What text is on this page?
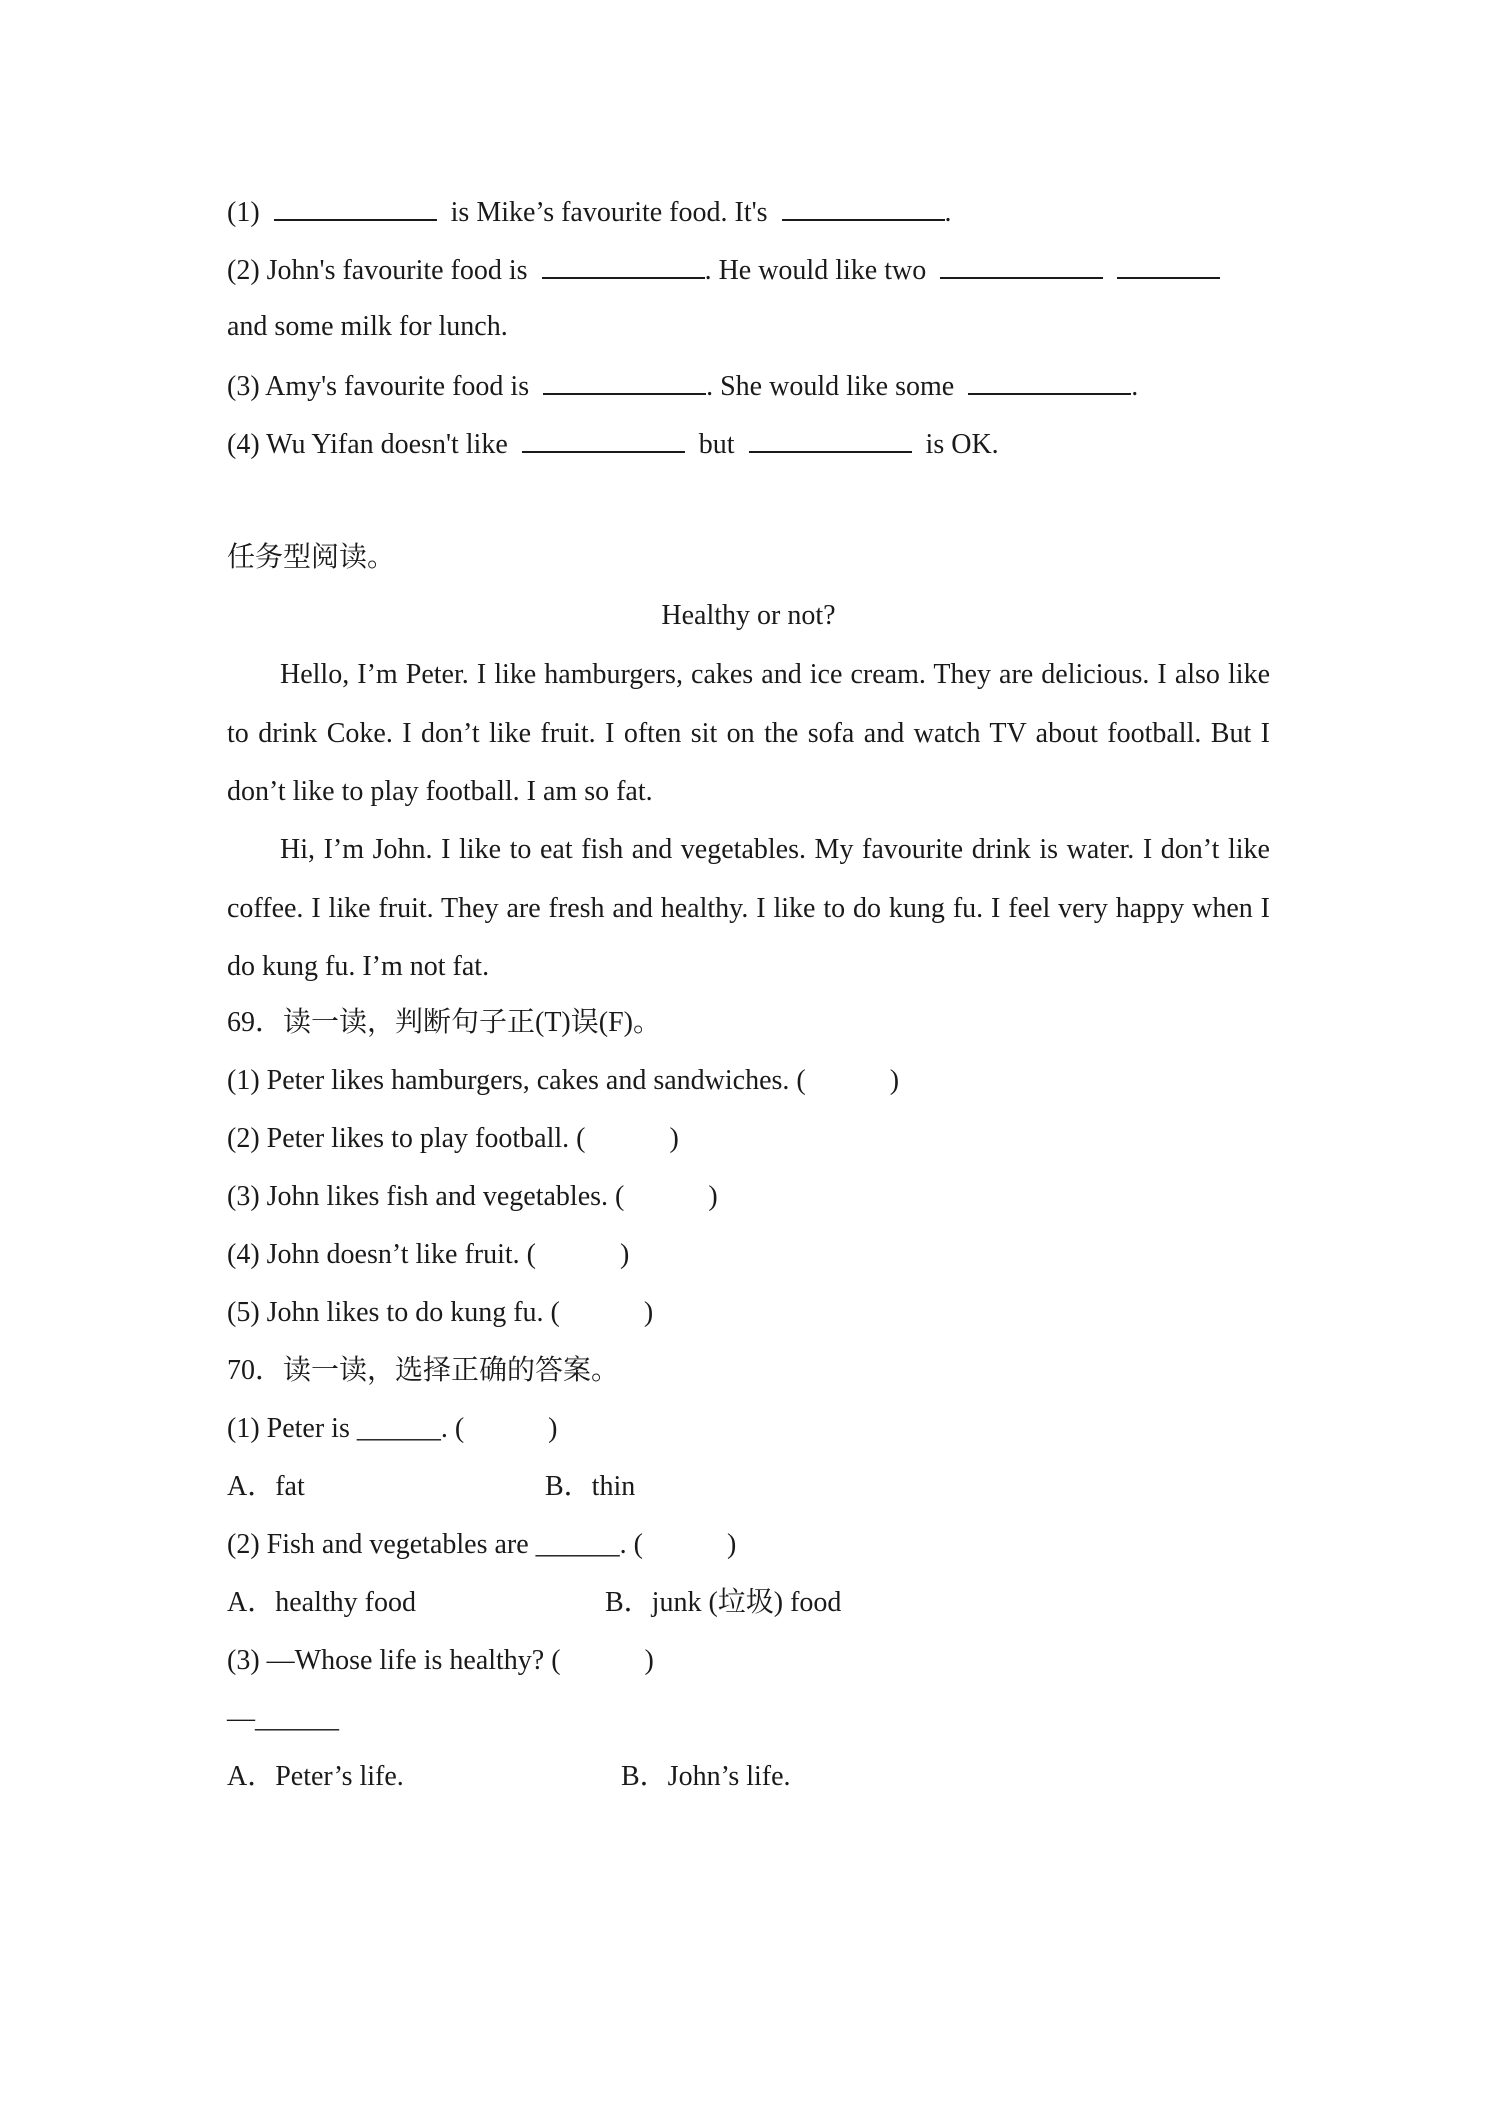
(1)	is Mike’s favourite food. It's	.
(2) John's favourite food is	. He would like two
and some milk for lunch.
(3) Amy's favourite food is	. She would like some	.
(4) Wu Yifan doesn't like	but	is OK.
任务型阅读。
Healthy or not?
Hello, I’m Peter. I like hamburgers, cakes and ice cream. They are delicious. I also like to drink Coke. I don’t like fruit. I often sit on the sofa and watch TV about football. But I don’t like to play football. I am so fat.
Hi, I’m John. I like to eat fish and vegetables. My favourite drink is water. I don’t like coffee. I like fruit. They are fresh and healthy. I like to do kung fu. I feel very happy when I do kung fu. I’m not fat.
69．读一读，判断句子正(T)误(F)。
(1) Peter likes hamburgers, cakes and sandwiches. (            )
(2) Peter likes to play football. (            )
(3) John likes fish and vegetables. (            )
(4) John doesn’t like fruit. (            )
(5) John likes to do kung fu. (            )
70．读一读，选择正确的答案。
(1) Peter is ______. (            )
A．fat	B．thin
(2) Fish and vegetables are ______. (            )
A．healthy food	B．junk (垃圾) food
(3) —Whose life is healthy? (            )
—______
A．Peter’s life.	B．John’s life.
